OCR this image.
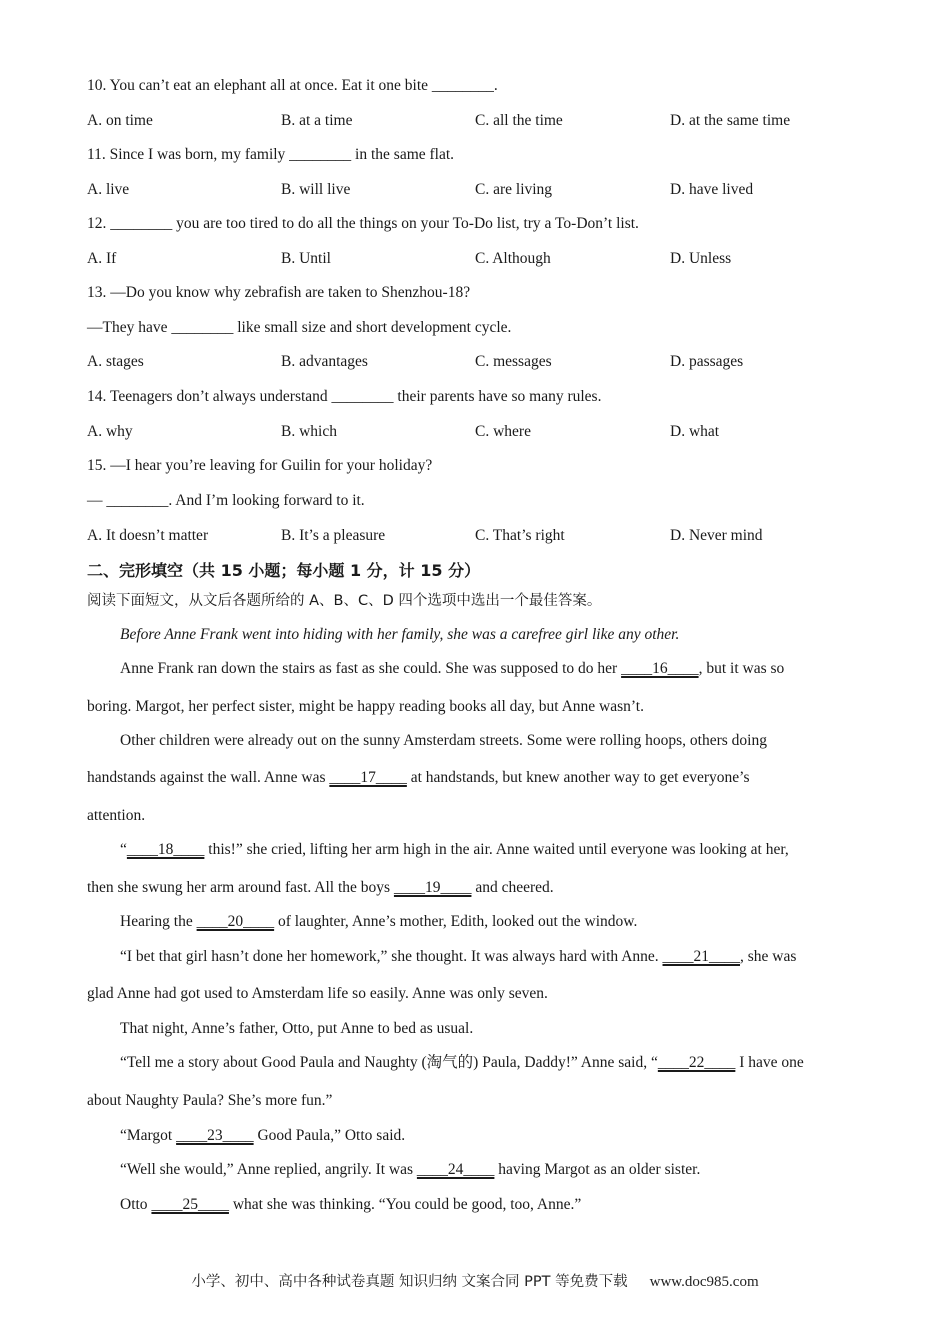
10. You can’t eat an elephant all at once. Eat it one bite ________.
A. on time	B. at a time	C. all the time	D. at the same time
11. Since I was born, my family ________ in the same flat.
A. live	B. will live	C. are living	D. have lived
12. ________ you are too tired to do all the things on your To-Do list, try a To-Don’t list.
A. If	B. Until	C. Although	D. Unless
13. —Do you know why zebrafish are taken to Shenzhou-18?
—They have ________ like small size and short development cycle.
A. stages	B. advantages	C. messages	D. passages
14. Teenagers don’t always understand ________ their parents have so many rules.
A. why	B. which	C. where	D. what
15. —I hear you’re leaving for Guilin for your holiday?
— ________. And I’m looking forward to it.
A. It doesn’t matter	B. It’s a pleasure	C. That’s right	D. Never mind
二、完形填空（共 15 小题；每小题 1 分，计 15 分）
阅读下面短文，从文后各题所给的 A、B、C、D 四个选项中选出一个最佳答案。
Before Anne Frank went into hiding with her family, she was a carefree girl like any other.
Anne Frank ran down the stairs as fast as she could. She was supposed to do her ____16____, but it was so
boring. Margot, her perfect sister, might be happy reading books all day, but Anne wasn’t.
Other children were already out on the sunny Amsterdam streets. Some were rolling hoops, others doing
handstands against the wall. Anne was ____17____ at handstands, but knew another way to get everyone’s
attention.
“____18____ this!” she cried, lifting her arm high in the air. Anne waited until everyone was looking at her,
then she swung her arm around fast. All the boys ____19____ and cheered.
Hearing the ____20____ of laughter, Anne’s mother, Edith, looked out the window.
“I bet that girl hasn’t done her homework,” she thought. It was always hard with Anne. ____21____, she was
glad Anne had got used to Amsterdam life so easily. Anne was only seven.
That night, Anne’s father, Otto, put Anne to bed as usual.
“Tell me a story about Good Paula and Naughty (淘气的) Paula, Daddy!” Anne said, “____22____ I have one
about Naughty Paula? She’s more fun.”
“Margot ____23____ Good Paula,” Otto said.
“Well she would,” Anne replied, angrily. It was ____24____ having Margot as an older sister.
Otto ____25____ what she was thinking. “You could be good, too, Anne.”
小学、初中、高中各种试卷真题 知识归纳 文案合同 PPT 等免费下载 www.doc985.com
